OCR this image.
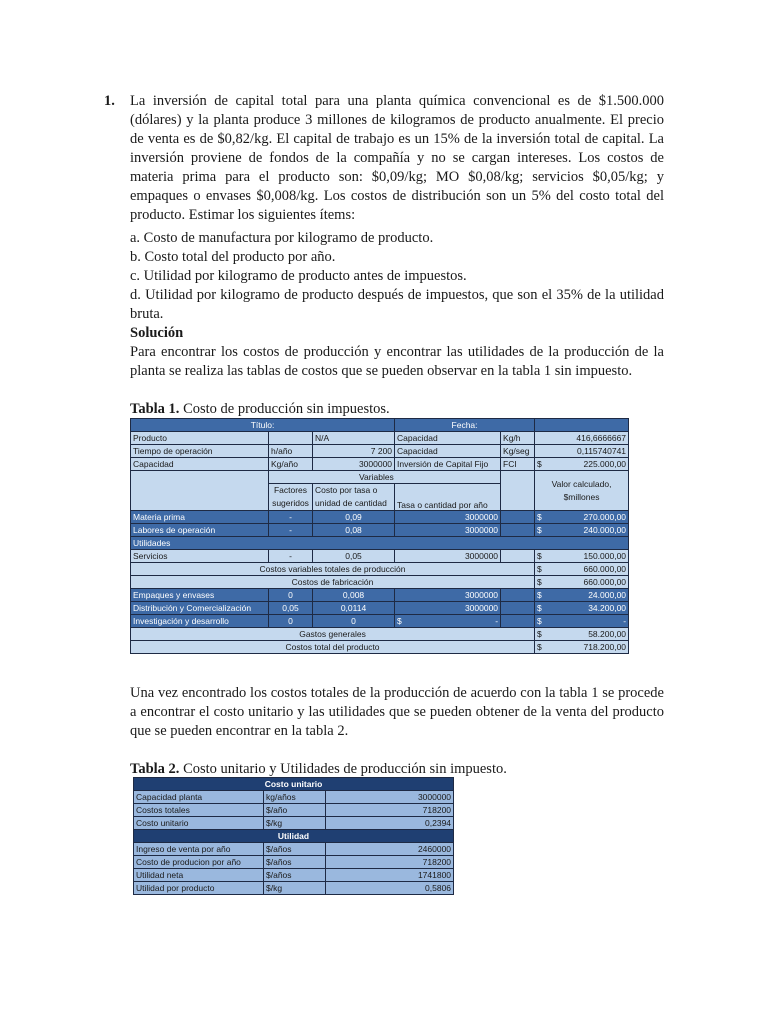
1. La inversión de capital total para una planta química convencional es de $1.500.000 (dólares) y la planta produce 3 millones de kilogramos de producto anualmente. El precio de venta es de $0,82/kg. El capital de trabajo es un 15% de la inversión total de capital. La inversión proviene de fondos de la compañía y no se cargan intereses. Los costos de materia prima para el producto son: $0,09/kg; MO $0,08/kg; servicios $0,05/kg; y empaques o envases $0,008/kg. Los costos de distribución son un 5% del costo total del producto. Estimar los siguientes ítems:
a. Costo de manufactura por kilogramo de producto.
b. Costo total del producto por año.
c. Utilidad por kilogramo de producto antes de impuestos.
d. Utilidad por kilogramo de producto después de impuestos, que son el 35% de la utilidad bruta.
Solución
Para encontrar los costos de producción y encontrar las utilidades de la producción de la planta se realiza las tablas de costos que se pueden observar en la tabla 1 sin impuesto.
Tabla 1. Costo de producción sin impuestos.
Título:			Fecha:		
Producto		N/A	Capacidad	Kg/h	416,6666667
Tiempo de operación	h/año	7 200	Capacidad	Kg/seg	0,115740741
Capacidad	Kg/año	3000000	Inversión de Capital Fijo	FCI	$ 225.000,00

	Variables				Valor calculado, $millones
	Factores sugeridos	Costo por tasa o unidad de cantidad	Tasa o cantidad por año		

Materia prima	-	0,09	3000000		$ 270.000,00

Labores de operación	-	0,08	3000000		$ 240.000,00

Utilidades					
Servicios	-	0,05	3000000		$ 150.000,00

Costos variables totales de producción					$ 660.000,00

Costos de fabricación					$ 660.000,00

Empaques y envases	0	0,008	3000000		$ 24.000,00

Distribución y Comercialización	0,05	0,0114	3000000		$ 34.200,00

Investigación y desarrollo	0	0	$ -		$ -

Gastos generales					$ 58.200,00

Costos total del producto					$ 718.200,00
Una vez encontrado los costos totales de la producción de acuerdo con la tabla 1 se procede a encontrar el costo unitario y las utilidades que se pueden obtener de la venta del producto que se pueden encontrar en la tabla 2.
Tabla 2. Costo unitario y Utilidades de producción sin impuesto.
Costo unitario		
Capacidad planta	kg/años	3000000
Costos totales	$/año	718200
Costo unitario	$/kg	0,2394
Utilidad		
Ingreso de venta por año	$/años	2460000
Costo de producion por año	$/años	718200
Utilidad neta	$/años	1741800
Utilidad por producto	$/kg	0,5806
